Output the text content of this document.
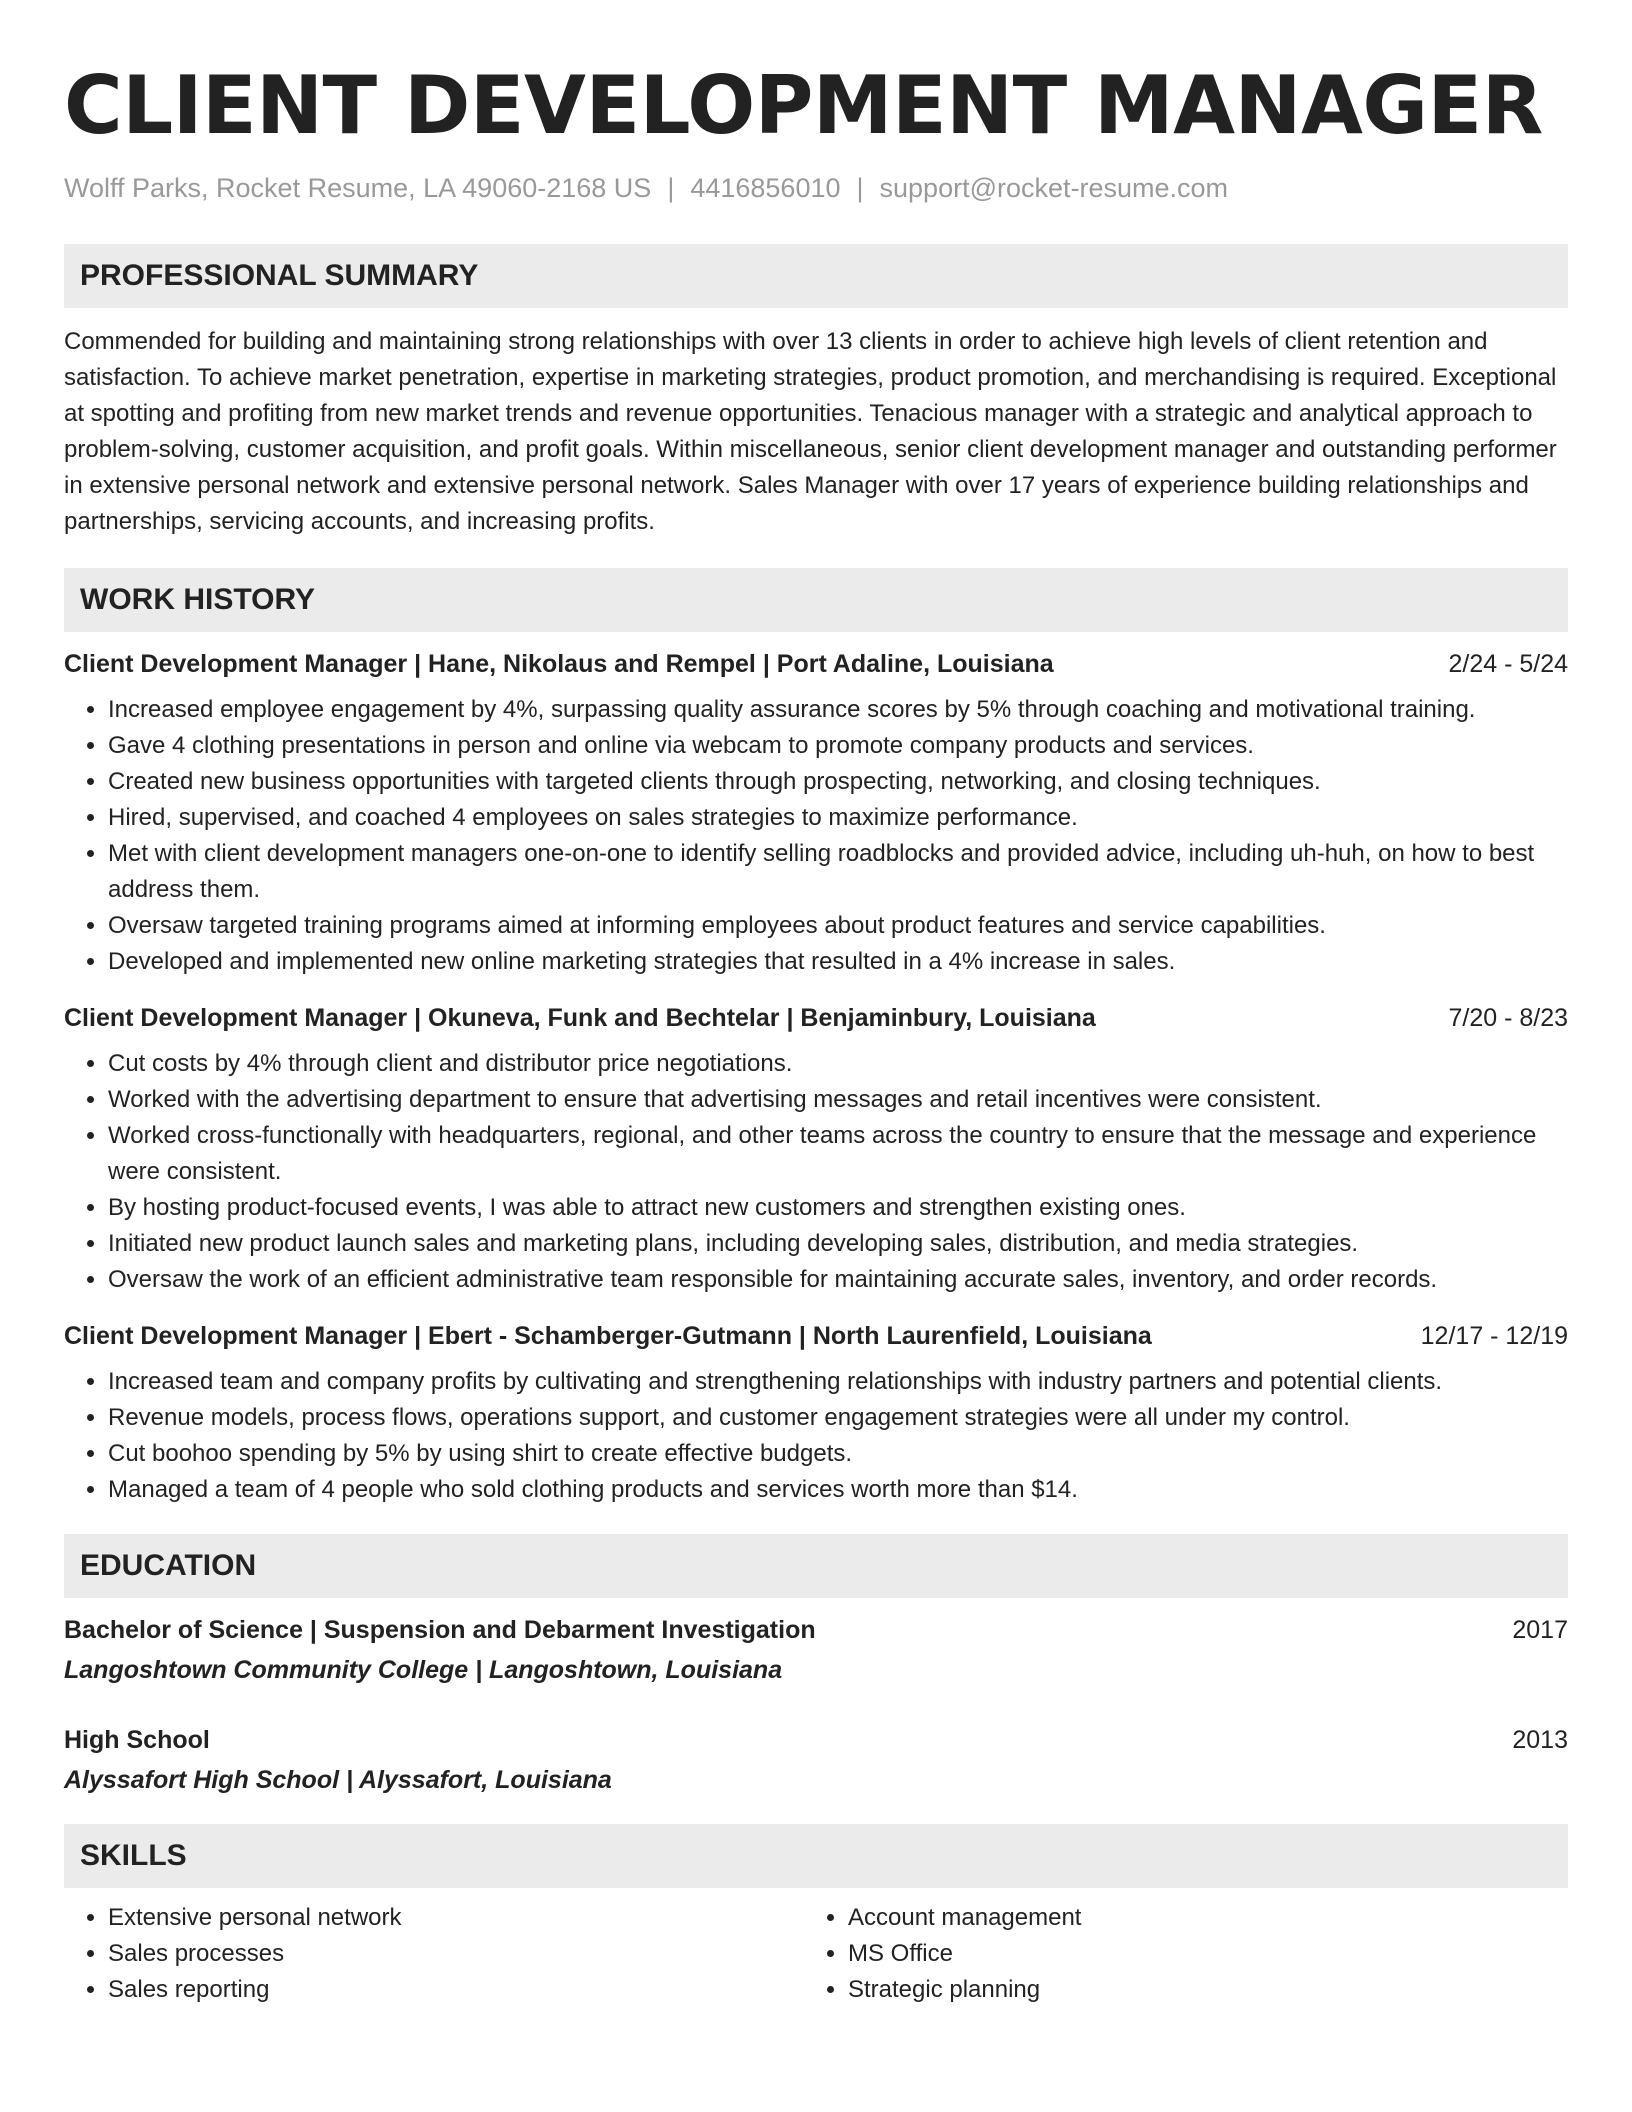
CLIENT DEVELOPMENT MANAGER
Wolff Parks, Rocket Resume, LA 49060-2168 US | 4416856010 | support@rocket-resume.com
PROFESSIONAL SUMMARY
Commended for building and maintaining strong relationships with over 13 clients in order to achieve high levels of client retention and satisfaction. To achieve market penetration, expertise in marketing strategies, product promotion, and merchandising is required. Exceptional at spotting and profiting from new market trends and revenue opportunities. Tenacious manager with a strategic and analytical approach to problem-solving, customer acquisition, and profit goals. Within miscellaneous, senior client development manager and outstanding performer in extensive personal network and extensive personal network. Sales Manager with over 17 years of experience building relationships and partnerships, servicing accounts, and increasing profits.
WORK HISTORY
Client Development Manager | Hane, Nikolaus and Rempel | Port Adaline, Louisiana	2/24 - 5/24
• Increased employee engagement by 4%, surpassing quality assurance scores by 5% through coaching and motivational training.
• Gave 4 clothing presentations in person and online via webcam to promote company products and services.
• Created new business opportunities with targeted clients through prospecting, networking, and closing techniques.
• Hired, supervised, and coached 4 employees on sales strategies to maximize performance.
• Met with client development managers one-on-one to identify selling roadblocks and provided advice, including uh-huh, on how to best address them.
• Oversaw targeted training programs aimed at informing employees about product features and service capabilities.
• Developed and implemented new online marketing strategies that resulted in a 4% increase in sales.
Client Development Manager | Okuneva, Funk and Bechtelar | Benjaminbury, Louisiana	7/20 - 8/23
• Cut costs by 4% through client and distributor price negotiations.
• Worked with the advertising department to ensure that advertising messages and retail incentives were consistent.
• Worked cross-functionally with headquarters, regional, and other teams across the country to ensure that the message and experience were consistent.
• By hosting product-focused events, I was able to attract new customers and strengthen existing ones.
• Initiated new product launch sales and marketing plans, including developing sales, distribution, and media strategies.
• Oversaw the work of an efficient administrative team responsible for maintaining accurate sales, inventory, and order records.
Client Development Manager | Ebert - Schamberger-Gutmann | North Laurenfield, Louisiana	12/17 - 12/19
• Increased team and company profits by cultivating and strengthening relationships with industry partners and potential clients.
• Revenue models, process flows, operations support, and customer engagement strategies were all under my control.
• Cut boohoo spending by 5% by using shirt to create effective budgets.
• Managed a team of 4 people who sold clothing products and services worth more than $14.
EDUCATION
Bachelor of Science | Suspension and Debarment Investigation	2017
Langoshtown Community College | Langoshtown, Louisiana
High School	2013
Alyssafort High School | Alyssafort, Louisiana
SKILLS
• Extensive personal network
• Sales processes
• Sales reporting
• Account management
• MS Office
• Strategic planning
